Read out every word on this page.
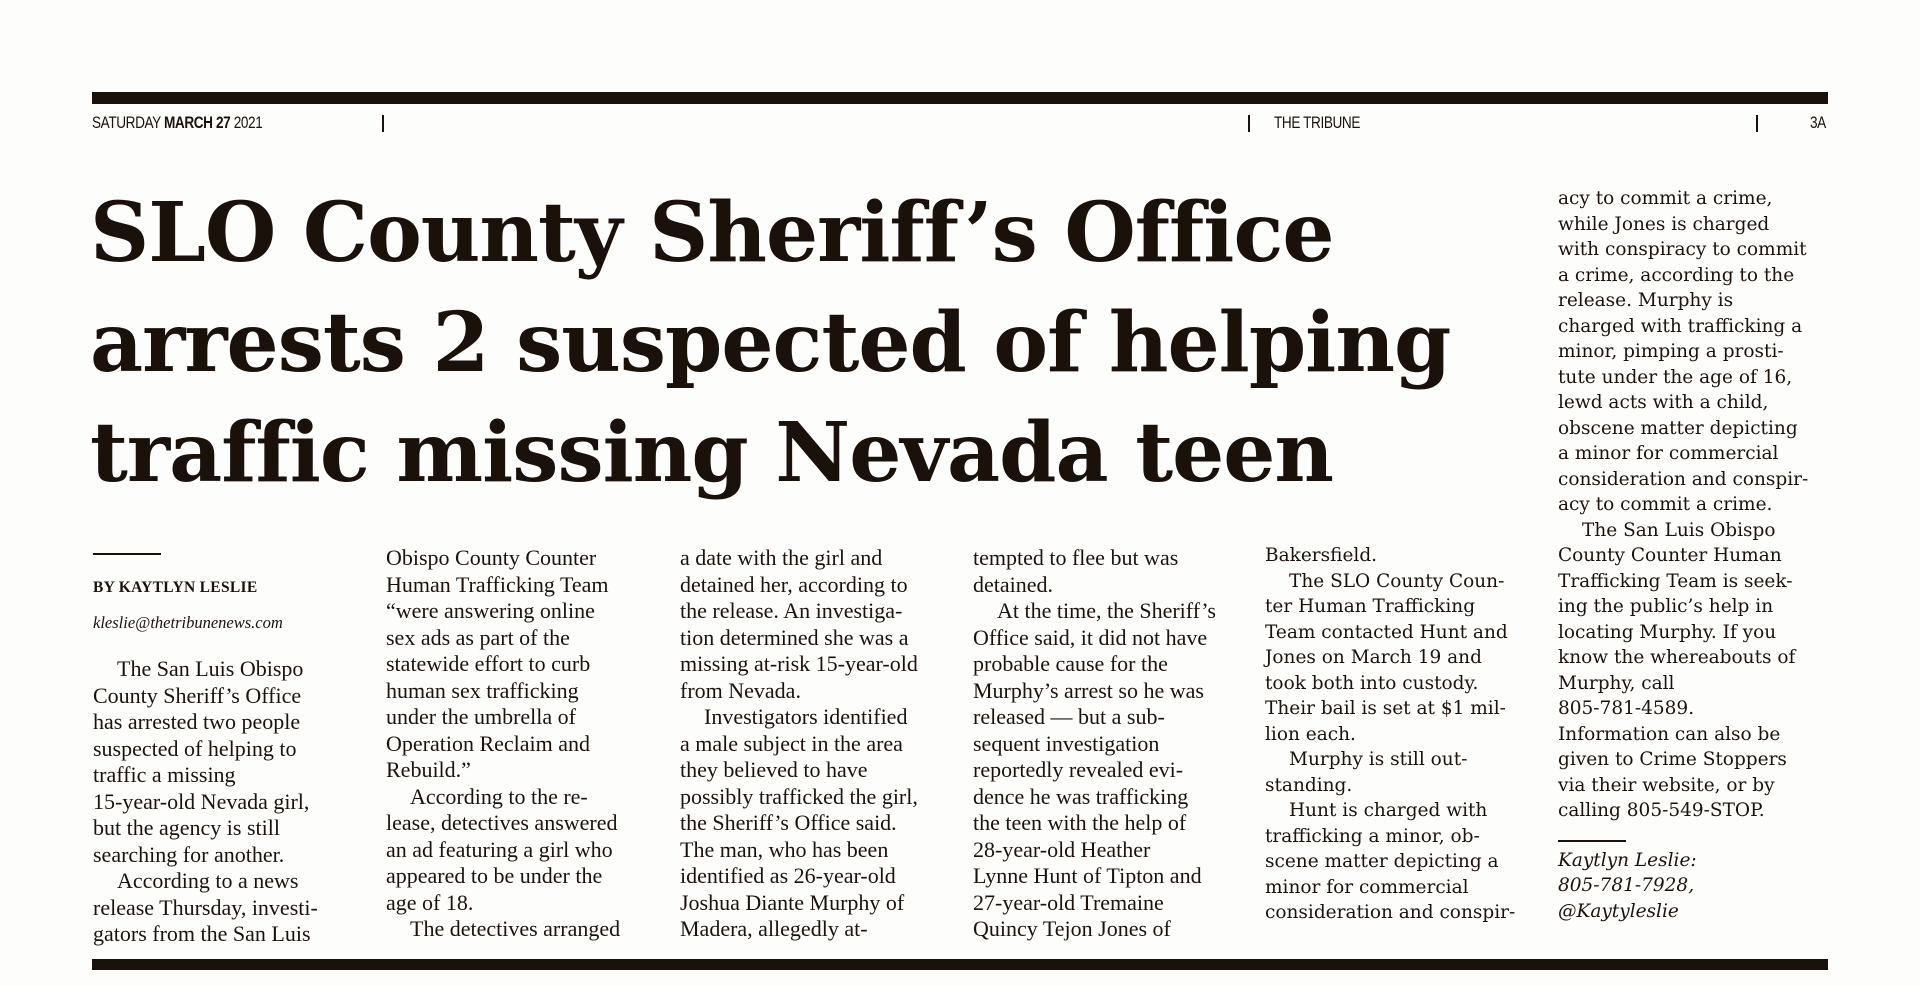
SATURDAY MARCH 27 2021	THE TRIBUNE	3A
SLO County Sheriff’s Office
arrests 2 suspected of helping
traffic missing Nevada teen
BY KAYTLYN LESLIE
kleslie@thetribunenews.com

The San Luis Obispo
County Sheriff’s Office
has arrested two people
suspected of helping to
traffic a missing
15-year-old Nevada girl,
but the agency is still
searching for another.

According to a news
release Thursday, investi-
gators from the San Luis

Obispo County Counter
Human Trafficking Team
“were answering online
sex ads as part of the
statewide effort to curb
human sex trafficking
under the umbrella of
Operation Reclaim and
Rebuild.”

According to the re-
lease, detectives answered
an ad featuring a girl who
appeared to be under the
age of 18.

The detectives arranged

a date with the girl and
detained her, according to
the release. An investiga-
tion determined she was a
missing at-risk 15-year-old
from Nevada.

Investigators identified
a male subject in the area
they believed to have
possibly trafficked the girl,
the Sheriff’s Office said.
The man, who has been
identified as 26-year-old
Joshua Diante Murphy of
Madera, allegedly at-

tempted to flee but was
detained.

At the time, the Sheriff’s
Office said, it did not have
probable cause for the
Murphy’s arrest so he was
released — but a sub-
sequent investigation
reportedly revealed evi-
dence he was trafficking
the teen with the help of
28-year-old Heather
Lynne Hunt of Tipton and
27-year-old Tremaine
Quincy Tejon Jones of

Bakersfield.

The SLO County Coun-
ter Human Trafficking
Team contacted Hunt and
Jones on March 19 and
took both into custody.
Their bail is set at $1 mil-
lion each.

Murphy is still out-
standing.

Hunt is charged with
trafficking a minor, ob-
scene matter depicting a
minor for commercial
consideration and conspir-

acy to commit a crime,
while Jones is charged
with conspiracy to commit
a crime, according to the
release. Murphy is
charged with trafficking a
minor, pimping a prosti-
tute under the age of 16,
lewd acts with a child,
obscene matter depicting
a minor for commercial
consideration and conspir-
acy to commit a crime.

The San Luis Obispo
County Counter Human
Trafficking Team is seek-
ing the public’s help in
locating Murphy. If you
know the whereabouts of
Murphy, call
805-781-4589.
Information can also be
given to Crime Stoppers
via their website, or by
calling 805-549-STOP.

Kaytlyn Leslie:
805-781-7928,
@Kaytyleslie
